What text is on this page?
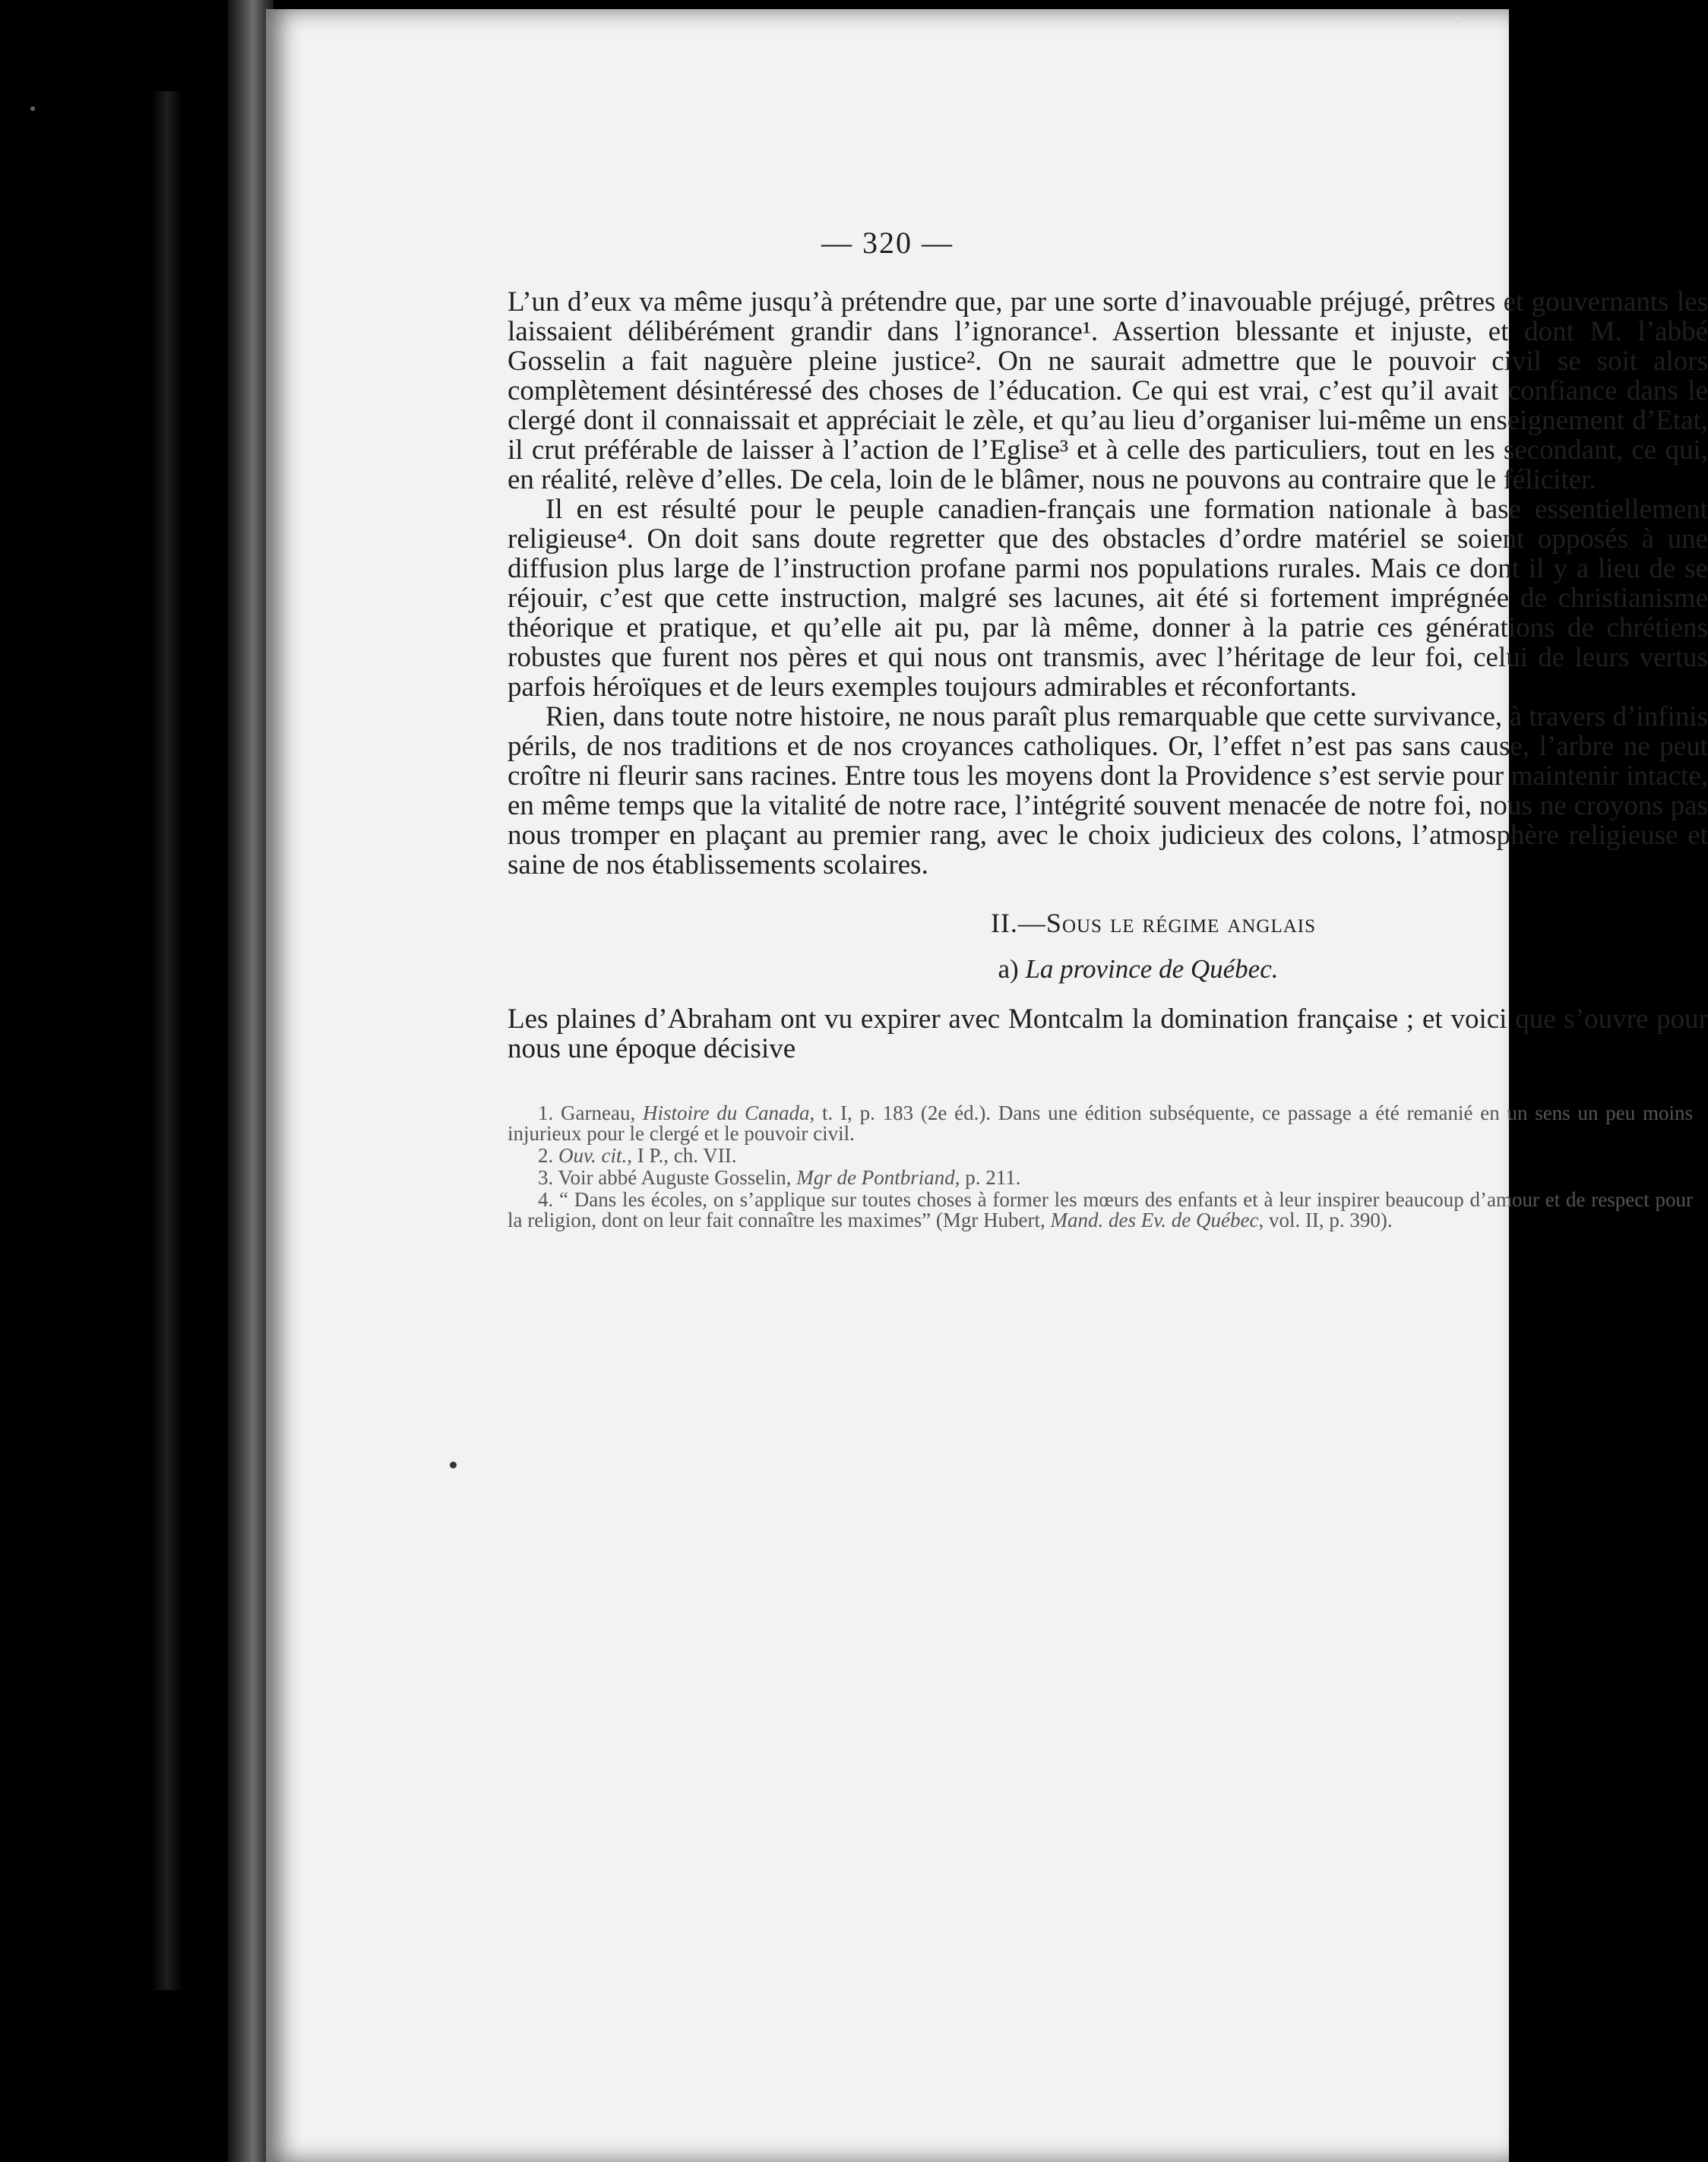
— 320 —

L’un d’eux va même jusqu’à prétendre que, par une sorte d’inavouable préjugé, prêtres et gouvernants les laissaient délibérément grandir dans l’ignorance¹. Assertion blessante et injuste, et dont M. l’abbé Gosselin a fait naguère pleine justice². On ne saurait admettre que le pouvoir civil se soit alors complètement désintéressé des choses de l’éducation. Ce qui est vrai, c’est qu’il avait confiance dans le clergé dont il connaissait et appréciait le zèle, et qu’au lieu d’organiser lui-même un enseignement d’Etat, il crut préférable de laisser à l’action de l’Eglise³ et à celle des particuliers, tout en les secondant, ce qui, en réalité, relève d’elles. De cela, loin de le blâmer, nous ne pouvons au contraire que le féliciter.

Il en est résulté pour le peuple canadien-français une formation nationale à base essentiellement religieuse⁴. On doit sans doute regretter que des obstacles d’ordre matériel se soient opposés à une diffusion plus large de l’instruction profane parmi nos populations rurales. Mais ce dont il y a lieu de se réjouir, c’est que cette instruction, malgré ses lacunes, ait été si fortement imprégnée de christianisme théorique et pratique, et qu’elle ait pu, par là même, donner à la patrie ces générations de chrétiens robustes que furent nos pères et qui nous ont transmis, avec l’héritage de leur foi, celui de leurs vertus parfois héroïques et de leurs exemples toujours admirables et réconfortants.

Rien, dans toute notre histoire, ne nous paraît plus remarquable que cette survivance, à travers d’infinis périls, de nos traditions et de nos croyances catholiques. Or, l’effet n’est pas sans cause, l’arbre ne peut croître ni fleurir sans racines. Entre tous les moyens dont la Providence s’est servie pour maintenir intacte, en même temps que la vitalité de notre race, l’intégrité souvent menacée de notre foi, nous ne croyons pas nous tromper en plaçant au premier rang, avec le choix judicieux des colons, l’atmosphère religieuse et saine de nos établissements scolaires.

II.—Sous le régime anglais
a) La province de Québec.

Les plaines d’Abraham ont vu expirer avec Montcalm la domination française ; et voici que s’ouvre pour nous une époque décisive

1. Garneau, Histoire du Canada, t. I, p. 183 (2e éd.). Dans une édition subséquente, ce passage a été remanié en un sens un peu moins injurieux pour le clergé et le pouvoir civil.

2. Ouv. cit., I P., ch. VII.

3. Voir abbé Auguste Gosselin, Mgr de Pontbriand, p. 211.

4. “ Dans les écoles, on s’applique sur toutes choses à former les mœurs des enfants et à leur inspirer beaucoup d’amour et de respect pour la religion, dont on leur fait connaître les maximes” (Mgr Hubert, Mand. des Ev. de Québec, vol. II, p. 390).
